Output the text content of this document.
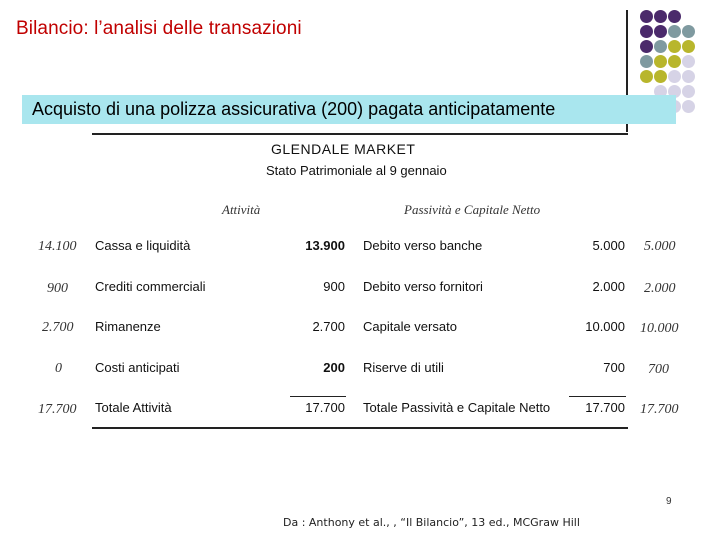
Bilancio: l’analisi delle transazioni
Acquisto di una polizza assicurativa (200) pagata anticipatamente
GLENDALE MARKET
Stato Patrimoniale al 9 gennaio
Attività	Passività e Capitale Netto
14.100 Cassa e liquidità	13.900 Debito verso banche	5.000 5.000
900 Crediti commerciali	900 Debito verso fornitori	2.000 2.000
2.700 Rimanenze	2.700 Capitale versato	10.000 10.000
0	Costi anticipati	200 Riserve di utili	700 700
17.700 Totale Attività	17.700 Totale Passività e Capitale Netto	17.700 17.700
9
Da : Anthony et al., , “Il Bilancio”, 13 ed., MCGraw Hill
